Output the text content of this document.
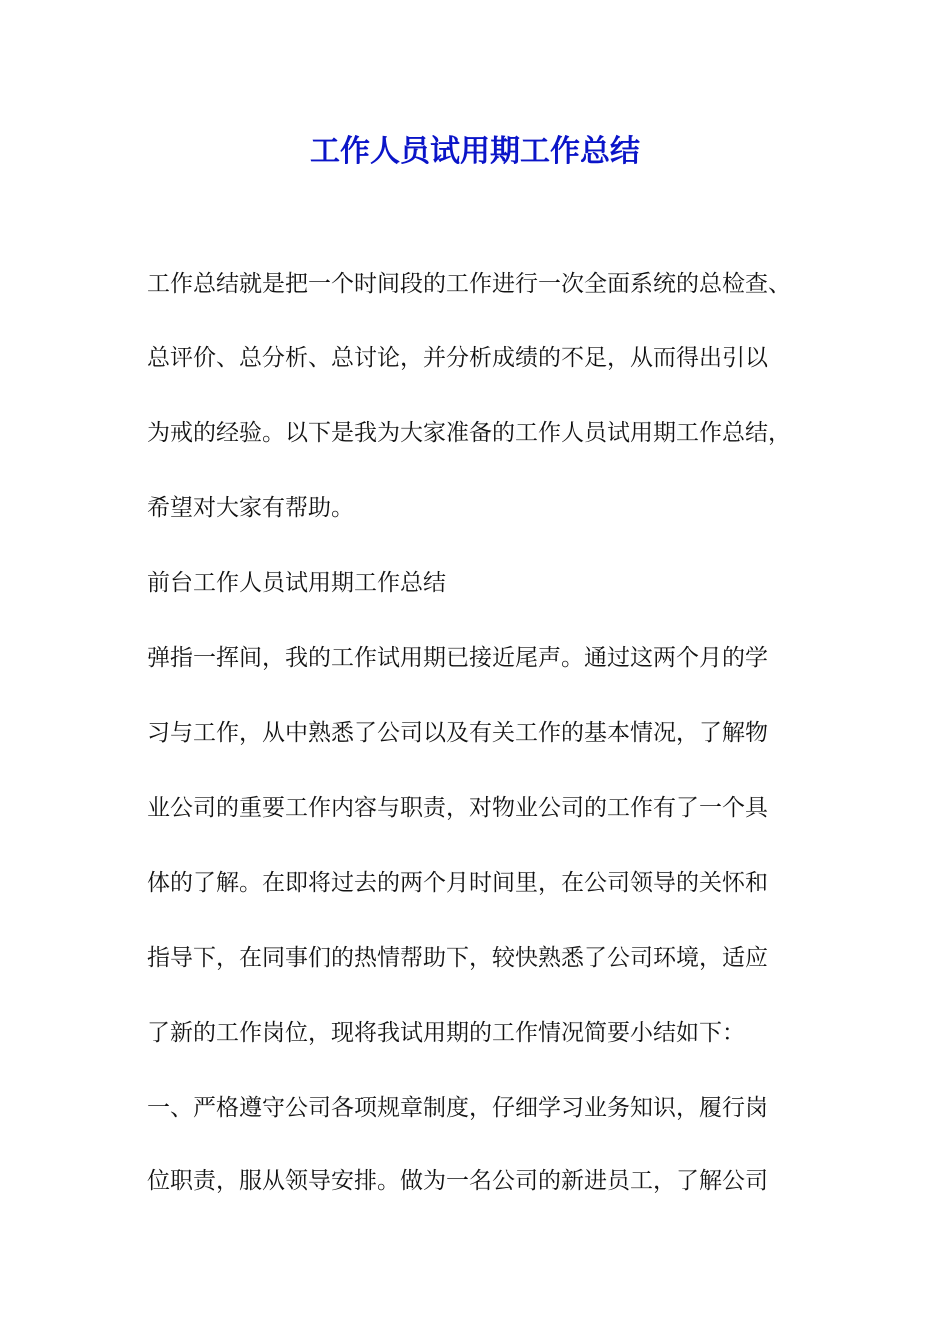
工作人员试用期工作总结

工作总结就是把一个时间段的工作进行一次全面系统的总检查、

总评价、总分析、总讨论，并分析成绩的不足，从而得出引以

为戒的经验。以下是我为大家准备的工作人员试用期工作总结，

希望对大家有帮助。

前台工作人员试用期工作总结

弹指一挥间，我的工作试用期已接近尾声。通过这两个月的学

习与工作，从中熟悉了公司以及有关工作的基本情况，了解物

业公司的重要工作内容与职责，对物业公司的工作有了一个具

体的了解。在即将过去的两个月时间里，在公司领导的关怀和

指导下，在同事们的热情帮助下，较快熟悉了公司环境，适应

了新的工作岗位，现将我试用期的工作情况简要小结如下：

一、严格遵守公司各项规章制度，仔细学习业务知识，履行岗

位职责，服从领导安排。做为一名公司的新进员工，了解公司
